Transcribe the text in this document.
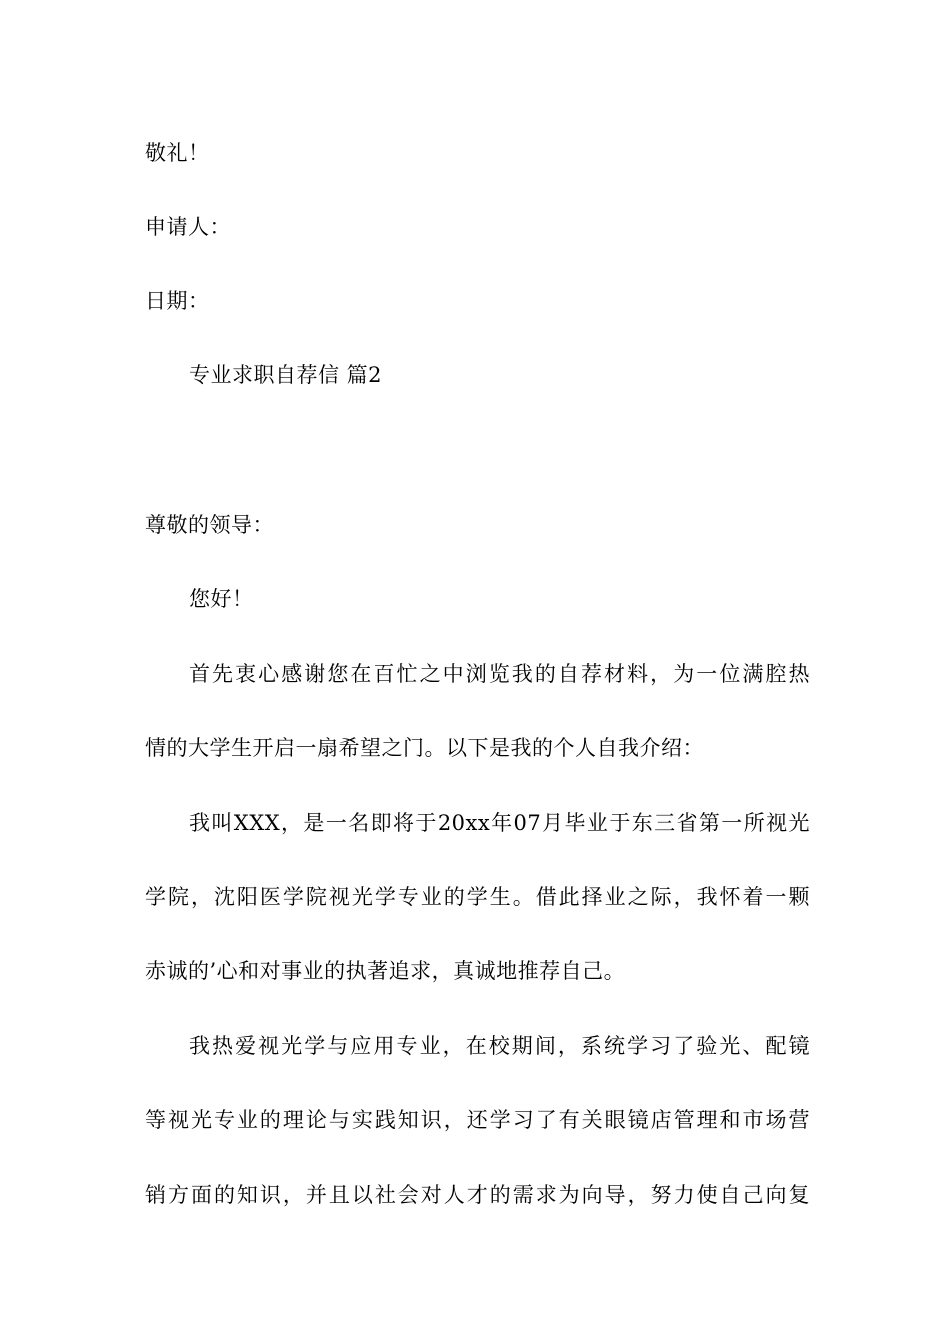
敬礼！
申请人：
日期：
专业求职自荐信 篇2
尊敬的领导：
您好！
首先衷心感谢您在百忙之中浏览我的自荐材料，为一位满腔热
情的大学生开启一扇希望之门。以下是我的个人自我介绍：
我叫XXX，是一名即将于20xx年07月毕业于东三省第一所视光
学院，沈阳医学院视光学专业的学生。借此择业之际，我怀着一颗
赤诚的’心和对事业的执著追求，真诚地推荐自己。
我热爱视光学与应用专业，在校期间，系统学习了验光、配镜
等视光专业的理论与实践知识，还学习了有关眼镜店管理和市场营
销方面的知识，并且以社会对人才的需求为向导，努力使自己向复
